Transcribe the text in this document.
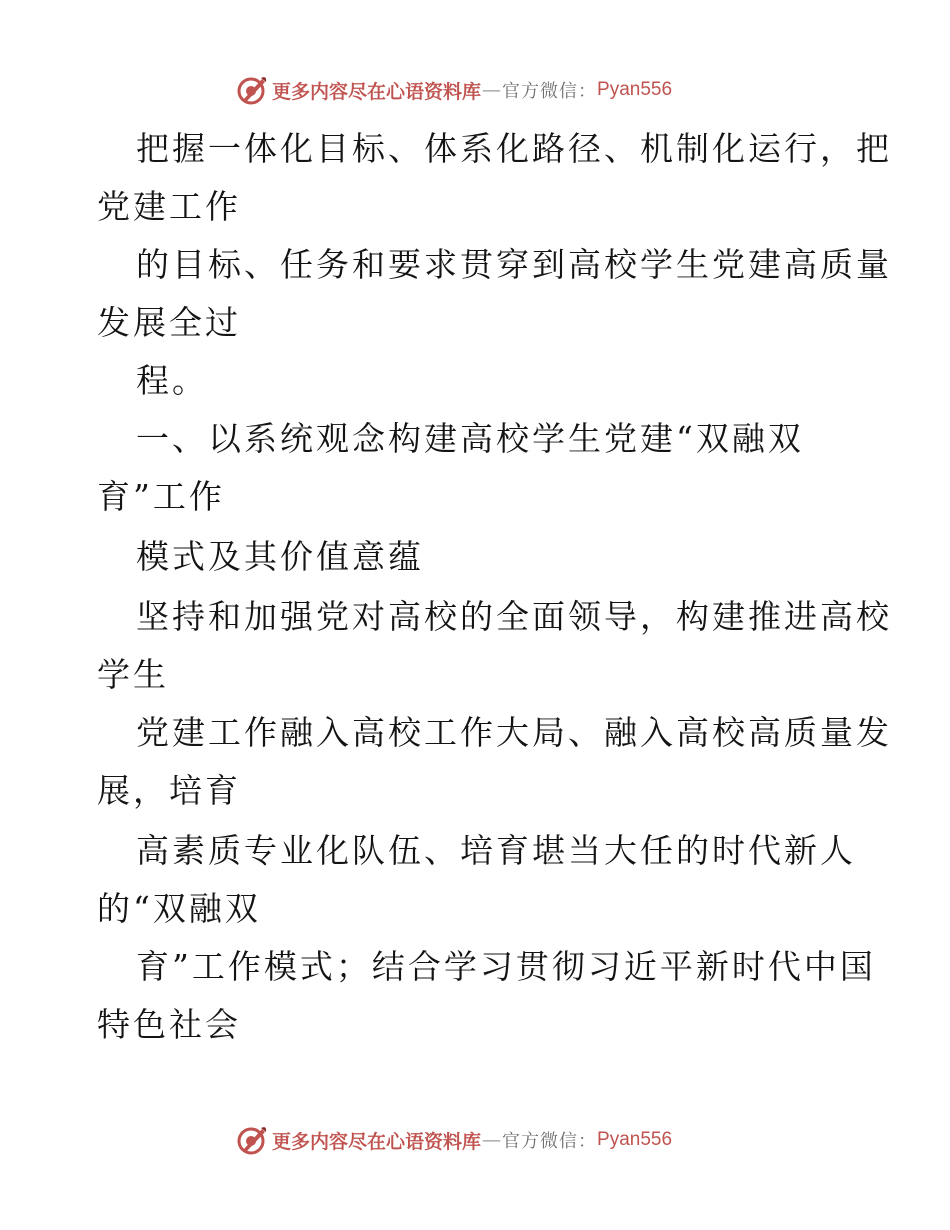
更多内容尽在心语资料库 — 官方微信： Pyan556
把握一体化目标、体系化路径、机制化运行，把
党建工作
的目标、任务和要求贯穿到高校学生党建高质量
发展全过
程。
一、以系统观念构建高校学生党建“双融双
育”工作
模式及其价值意蕴
坚持和加强党对高校的全面领导，构建推进高校
学生
党建工作融入高校工作大局、融入高校高质量发
展，培育
高素质专业化队伍、培育堪当大任的时代新人
的“双融双
育”工作模式；结合学习贯彻习近平新时代中国
特色社会
更多内容尽在心语资料库 — 官方微信： Pyan556
